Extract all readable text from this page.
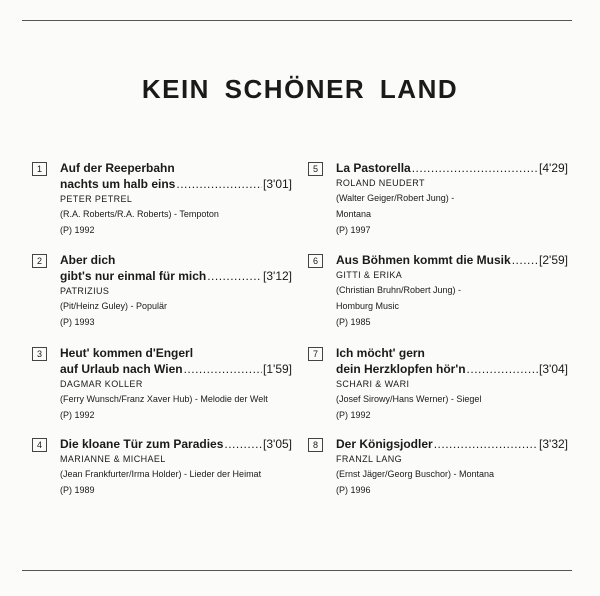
KEIN SCHÖNER LAND
1	Auf der Reeperbahn
nachts um halb eins .....	[3'01]
PETER PETREL
(R.A. Roberts/R.A. Roberts) - Tempoton
(P) 1992
2	Aber dich
gibt's nur einmal für mich .....	[3'12]
PATRIZIUS
(Pit/Heinz Guley) - Populär
(P) 1993
3	Heut' kommen d'Engerl
auf Urlaub nach Wien .....	[1'59]
DAGMAR KOLLER
(Ferry Wunsch/Franz Xaver Hub) - Melodie der Welt
(P) 1992
4	Die kloane Tür zum Paradies .....	[3'05]
MARIANNE & MICHAEL
(Jean Frankfurter/Irma Holder) - Lieder der Heimat
(P) 1989
5	La Pastorella .....	[4'29]
ROLAND NEUDERT
(Walter Geiger/Robert Jung) -
Montana
(P) 1997
6	Aus Böhmen kommt die Musik ..... [2'59]
GITTI & ERIKA
(Christian Bruhn/Robert Jung) -
Homburg Music
(P) 1985
7	Ich möcht' gern
dein Herzklopfen hör'n .....	[3'04]
SCHARI & WARI
(Josef Sirowy/Hans Werner) - Siegel
(P) 1992
8	Der Königsjodler .....	[3'32]
FRANZL LANG
(Ernst Jäger/Georg Buschor) - Montana
(P) 1996
